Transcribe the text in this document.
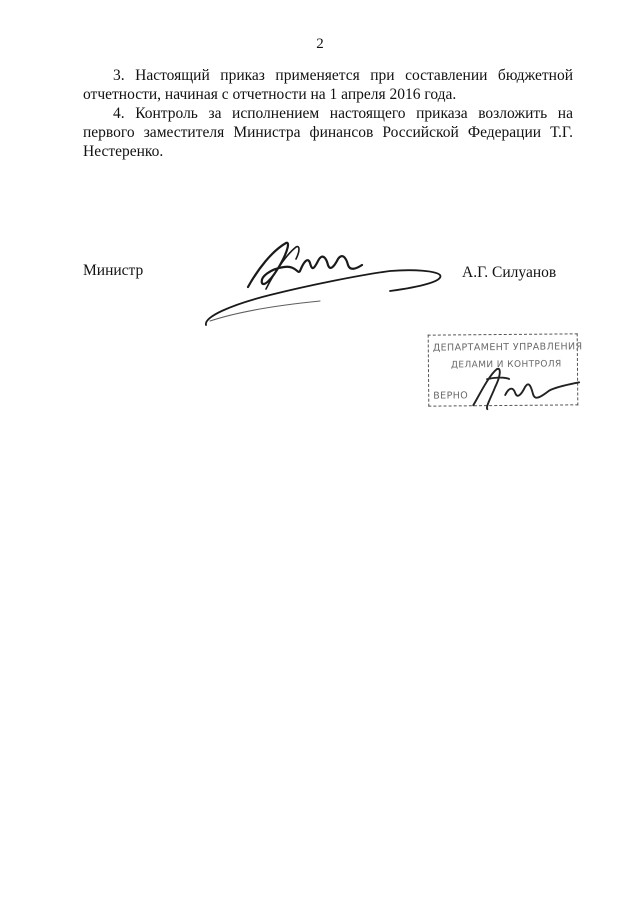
2

3. Настоящий приказ применяется при составлении бюджетной отчетности, начиная с отчетности на 1 апреля 2016 года.

4. Контроль за исполнением настоящего приказа возложить на первого заместителя Министра финансов Российской Федерации Т.Г. Нестеренко.

Министр	А.Г. Силуанов
ДЕПАРТАМЕНТ УПРАВЛЕНИЯ
ДЕЛАМИ И КОНТРОЛЯ
ВЕРНО
